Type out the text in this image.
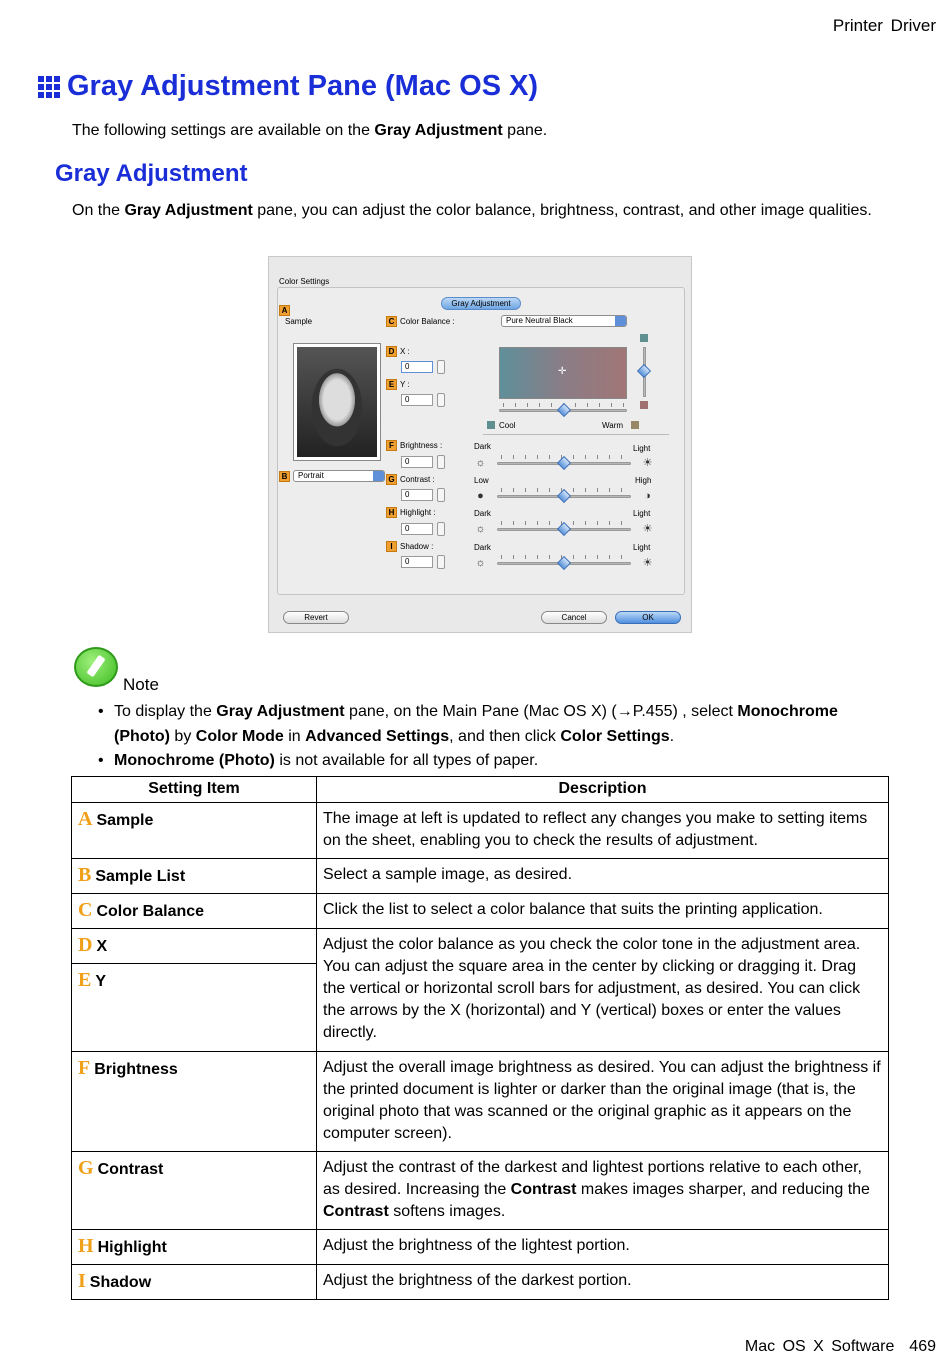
Printer Driver
Gray Adjustment Pane (Mac OS X)
The following settings are available on the Gray Adjustment pane.
Gray Adjustment
On the Gray Adjustment pane, you can adjust the color balance, brightness, contrast, and other image qualities.
Color Settings
Gray Adjustment
A
Sample
B	Portrait
C Color Balance :	Pure Neutral Black
D X :
0
E Y :
0
✛
Cool	Warm
F Brightness :
0
Dark	Light
☼	☀
G Contrast :
0
Low	High
●	◑
H Highlight :
0
Dark	Light
☼	☀
I Shadow :
0
Dark	Light
☼	☀
Revert	Cancel	OK
Note
• To display the Gray Adjustment pane, on the Main Pane (Mac OS X) (→P.455) , select Monochrome (Photo) by Color Mode in Advanced Settings, and then click Color Settings.
• Monochrome (Photo) is not available for all types of paper.
Setting Item	Description
A Sample	The image at left is updated to reflect any changes you make to setting items on the sheet, enabling you to check the results of adjustment.
B Sample List	Select a sample image, as desired.
C Color Balance	Click the list to select a color balance that suits the printing application.
D X	Adjust the color balance as you check the color tone in the adjustment area. You can adjust the square area in the center by clicking or dragging it. Drag the vertical or horizontal scroll bars for adjustment, as desired. You can click the arrows by the X (horizontal) and Y (vertical) boxes or enter the values directly.
E Y	
F Brightness	Adjust the overall image brightness as desired. You can adjust the brightness if the printed document is lighter or darker than the original image (that is, the original photo that was scanned or the original graphic as it appears on the computer screen).
G Contrast	Adjust the contrast of the darkest and lightest portions relative to each other, as desired. Increasing the Contrast makes images sharper, and reducing the Contrast softens images.
H Highlight	Adjust the brightness of the lightest portion.
I Shadow	Adjust the brightness of the darkest portion.
Mac OS X Software 469
